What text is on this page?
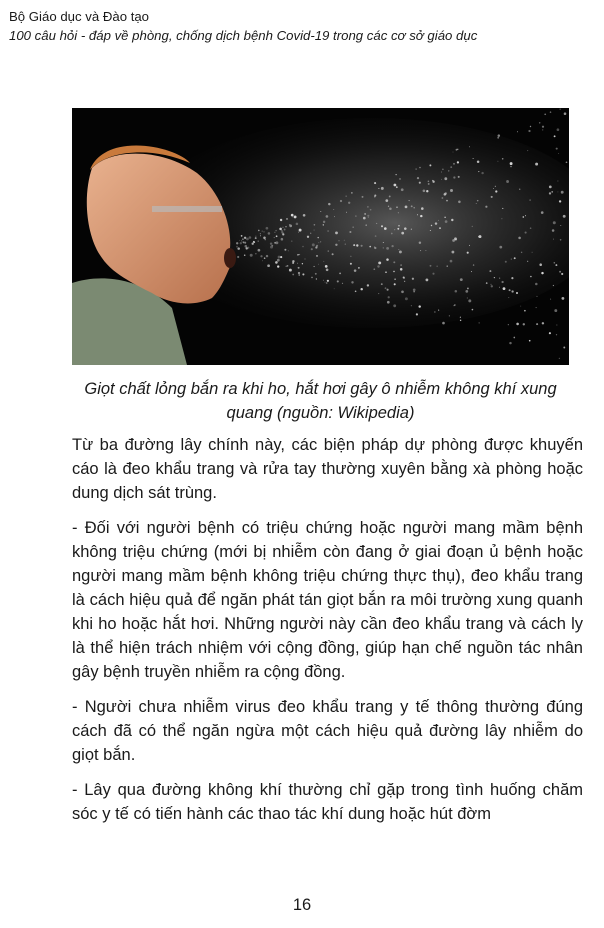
Bộ Giáo dục và Đào tạo
100 câu hỏi - đáp về phòng, chống dịch bệnh Covid-19 trong các cơ sở giáo dục
Giọt chất lỏng bắn ra khi ho, hắt hơi gây ô nhiễm không khí xung quang (nguồn: Wikipedia)

Từ ba đường lây chính này, các biện pháp dự phòng được khuyến cáo là đeo khẩu trang và rửa tay thường xuyên bằng xà phòng hoặc dung dịch sát trùng.

- Đối với người bệnh có triệu chứng hoặc người mang mầm bệnh không triệu chứng (mới bị nhiễm còn đang ở giai đoạn ủ bệnh hoặc người mang mầm bệnh không triệu chứng thực thụ), đeo khẩu trang là cách hiệu quả để ngăn phát tán giọt bắn ra môi trường xung quanh khi ho hoặc hắt hơi. Những người này cần đeo khẩu trang và cách ly là thể hiện trách nhiệm với cộng đồng, giúp hạn chế nguồn tác nhân gây bệnh truyền nhiễm ra cộng đồng.

- Người chưa nhiễm virus đeo khẩu trang y tế thông thường đúng cách đã có thể ngăn ngừa một cách hiệu quả đường lây nhiễm do giọt bắn.

- Lây qua đường không khí thường chỉ gặp trong tình huống chăm sóc y tế có tiến hành các thao tác khí dung hoặc hút đờm

16
